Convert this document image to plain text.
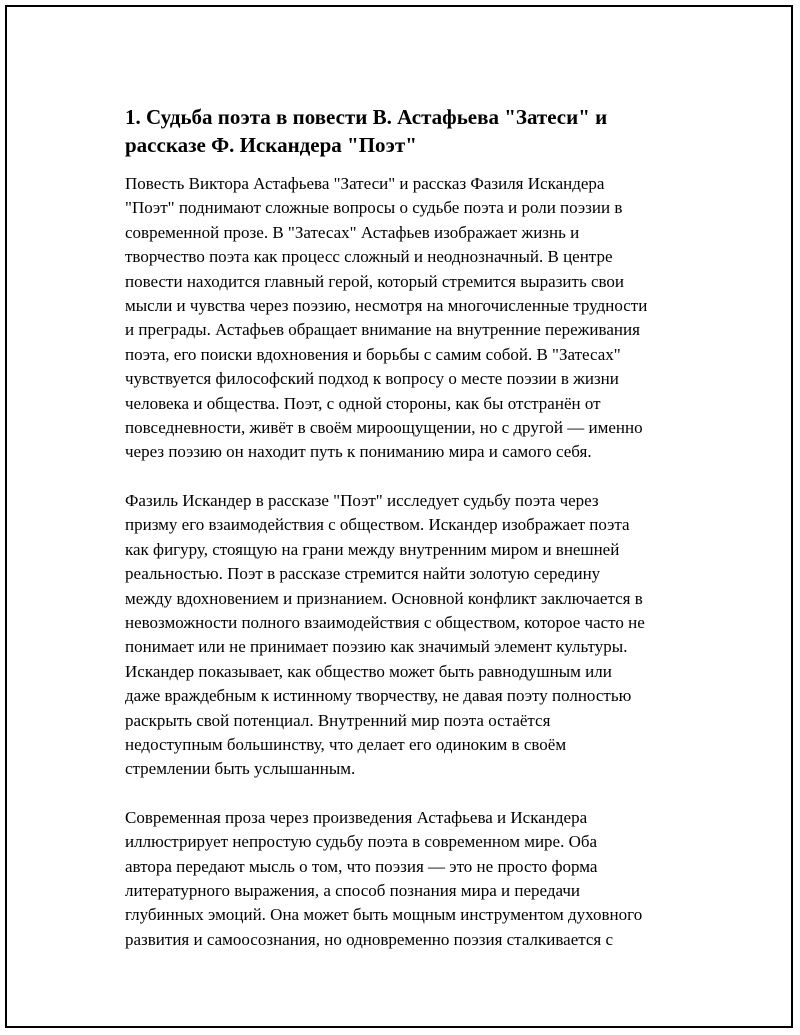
1. Судьба поэта в повести В. Астафьева "Затеси" и
рассказе Ф. Искандера "Поэт"

Повесть Виктора Астафьева "Затеси" и рассказ Фазиля Искандера
"Поэт" поднимают сложные вопросы о судьбе поэта и роли поэзии в
современной прозе. В "Затесах" Астафьев изображает жизнь и
творчество поэта как процесс сложный и неоднозначный. В центре
повести находится главный герой, который стремится выразить свои
мысли и чувства через поэзию, несмотря на многочисленные трудности
и преграды. Астафьев обращает внимание на внутренние переживания
поэта, его поиски вдохновения и борьбы с самим собой. В "Затесах"
чувствуется философский подход к вопросу о месте поэзии в жизни
человека и общества. Поэт, с одной стороны, как бы отстранён от
повседневности, живёт в своём мироощущении, но с другой — именно
через поэзию он находит путь к пониманию мира и самого себя.

Фазиль Искандер в рассказе "Поэт" исследует судьбу поэта через
призму его взаимодействия с обществом. Искандер изображает поэта
как фигуру, стоящую на грани между внутренним миром и внешней
реальностью. Поэт в рассказе стремится найти золотую середину
между вдохновением и признанием. Основной конфликт заключается в
невозможности полного взаимодействия с обществом, которое часто не
понимает или не принимает поэзию как значимый элемент культуры.
Искандер показывает, как общество может быть равнодушным или
даже враждебным к истинному творчеству, не давая поэту полностью
раскрыть свой потенциал. Внутренний мир поэта остаётся
недоступным большинству, что делает его одиноким в своём
стремлении быть услышанным.

Современная проза через произведения Астафьева и Искандера
иллюстрирует непростую судьбу поэта в современном мире. Оба
автора передают мысль о том, что поэзия — это не просто форма
литературного выражения, а способ познания мира и передачи
глубинных эмоций. Она может быть мощным инструментом духовного
развития и самоосознания, но одновременно поэзия сталкивается с
